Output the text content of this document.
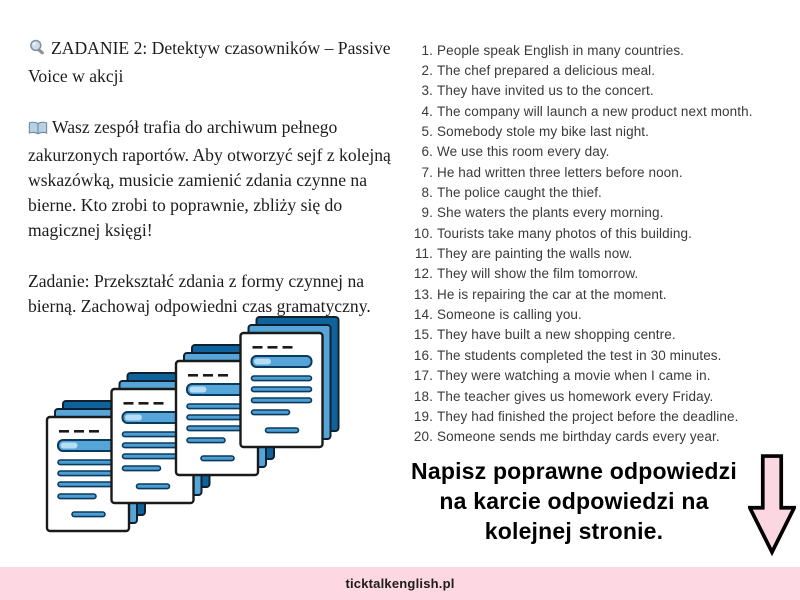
ZADANIE 2: Detektyw czasowników – Passive Voice w akcji

Wasz zespół trafia do archiwum pełnego zakurzonych raportów. Aby otworzyć sejf z kolejną wskazówką, musicie zamienić zdania czynne na bierne. Kto zrobi to poprawnie, zbliży się do magicznej księgi!

Zadanie: Przekształć zdania z formy czynnej na bierną. Zachowaj odpowiedni czas gramatyczny.

1. People speak English in many countries.
2. The chef prepared a delicious meal.
3. They have invited us to the concert.
4. The company will launch a new product next month.
5. Somebody stole my bike last night.
6. We use this room every day.
7. He had written three letters before noon.
8. The police caught the thief.
9. She waters the plants every morning.
10. Tourists take many photos of this building.
11. They are painting the walls now.
12. They will show the film tomorrow.
13. He is repairing the car at the moment.
14. Someone is calling you.
15. They have built a new shopping centre.
16. The students completed the test in 30 minutes.
17. They were watching a movie when I came in.
18. The teacher gives us homework every Friday.
19. They had finished the project before the deadline.
20. Someone sends me birthday cards every year.
Napisz poprawne odpowiedzi na karcie odpowiedzi na kolejnej stronie.
ticktalkenglish.pl
